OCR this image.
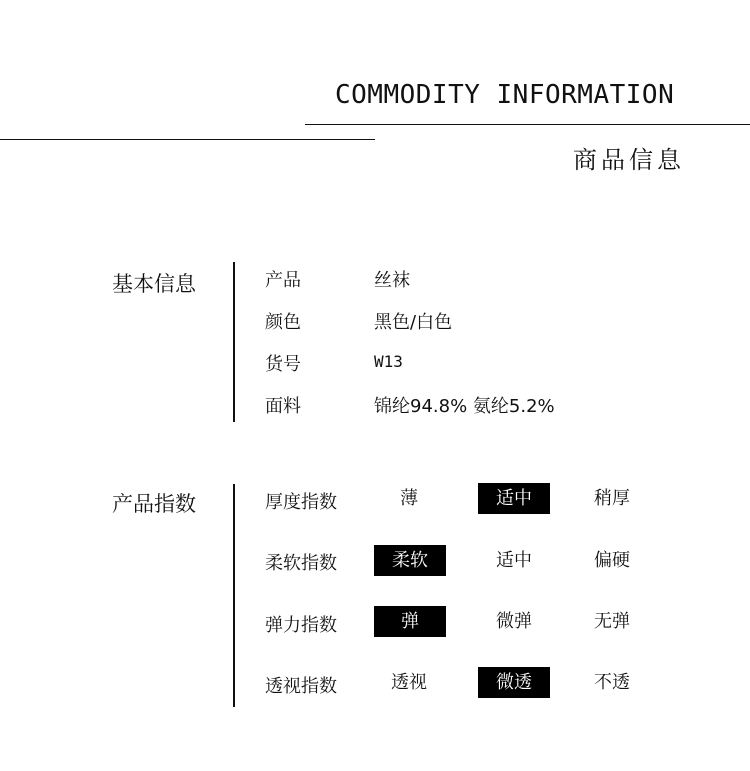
COMMODITY INFORMATION
商品信息
基本信息	产品	丝袜
颜色	黑色/白色
货号	W13
面料	锦纶94.8% 氨纶5.2%
产品指数	厚度指数	薄	适中	稍厚
柔软指数	柔软	适中	偏硬
弹力指数	弹	微弹	无弹
透视指数	透视	微透	不透
